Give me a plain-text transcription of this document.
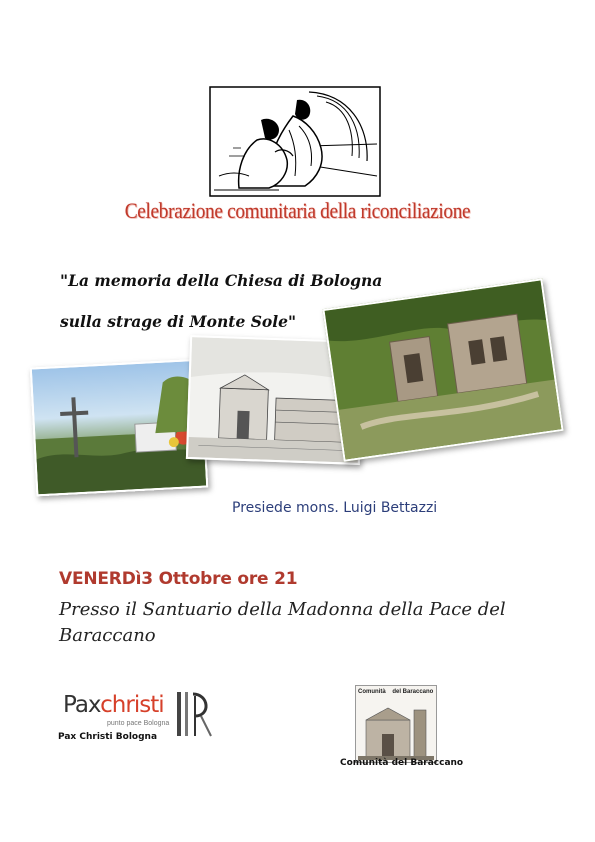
Celebrazione comunitaria della riconciliazione
"La memoria della Chiesa di Bologna
sulla strage di Monte Sole"
Presiede mons. Luigi Bettazzi
VENERDì3 Ottobre ore 21
Presso il Santuario della Madonna della Pace del Baraccano
Paxchristi
punto pace Bologna
Pax Christi Bologna
Comunità    del Baraccano
Comunità del Baraccano
